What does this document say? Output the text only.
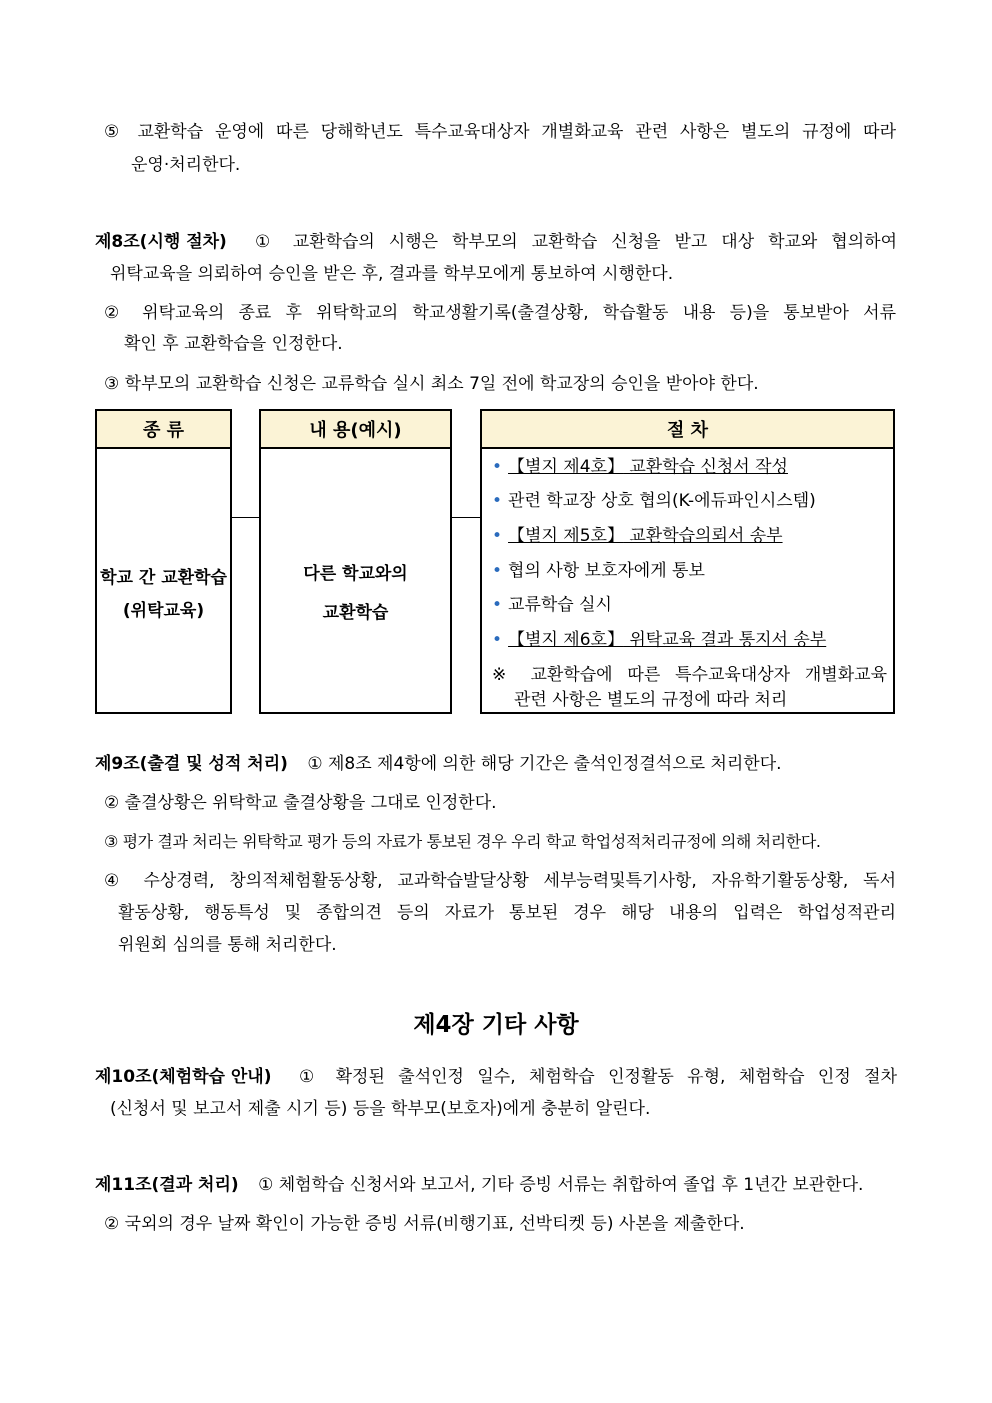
⑤ 교환학습 운영에 따른 당해학년도 특수교육대상자 개별화교육 관련 사항은 별도의 규정에 따라
운영·처리한다.
제8조(시행 절차) ① 교환학습의 시행은 학부모의 교환학습 신청을 받고 대상 학교와 협의하여
위탁교육을 의뢰하여 승인을 받은 후, 결과를 학부모에게 통보하여 시행한다.
② 위탁교육의 종료 후 위탁학교의 학교생활기록(출결상황, 학습활동 내용 등)을 통보받아 서류
확인 후 교환학습을 인정한다.
③ 학부모의 교환학습 신청은 교류학습 실시 최소 7일 전에 학교장의 승인을 받아야 한다.
종 류
학교 간 교환학습
(위탁교육)
내 용(예시)
다른 학교와의
교환학습
절 차
• 【별지 제4호】 교환학습 신청서 작성
• 관련 학교장 상호 협의(K-에듀파인시스템)
• 【별지 제5호】 교환학습의뢰서 송부
• 협의 사항 보호자에게 통보
• 교류학습 실시
• 【별지 제6호】 위탁교육 결과 통지서 송부
※ 교환학습에 따른 특수교육대상자 개별화교육
관련 사항은 별도의 규정에 따라 처리
제9조(출결 및 성적 처리) ① 제8조 제4항에 의한 해당 기간은 출석인정결석으로 처리한다.
② 출결상황은 위탁학교 출결상황을 그대로 인정한다.
③ 평가 결과 처리는 위탁학교 평가 등의 자료가 통보된 경우 우리 학교 학업성적처리규정에 의해 처리한다.
④ 수상경력, 창의적체험활동상황, 교과학습발달상황 세부능력및특기사항, 자유학기활동상황, 독서
활동상황, 행동특성 및 종합의견 등의 자료가 통보된 경우 해당 내용의 입력은 학업성적관리
위원회 심의를 통해 처리한다.
제4장 기타 사항
제10조(체험학습 안내) ① 확정된 출석인정 일수, 체험학습 인정활동 유형, 체험학습 인정 절차
(신청서 및 보고서 제출 시기 등) 등을 학부모(보호자)에게 충분히 알린다.
제11조(결과 처리) ① 체험학습 신청서와 보고서, 기타 증빙 서류는 취합하여 졸업 후 1년간 보관한다.
② 국외의 경우 날짜 확인이 가능한 증빙 서류(비행기표, 선박티켓 등) 사본을 제출한다.
